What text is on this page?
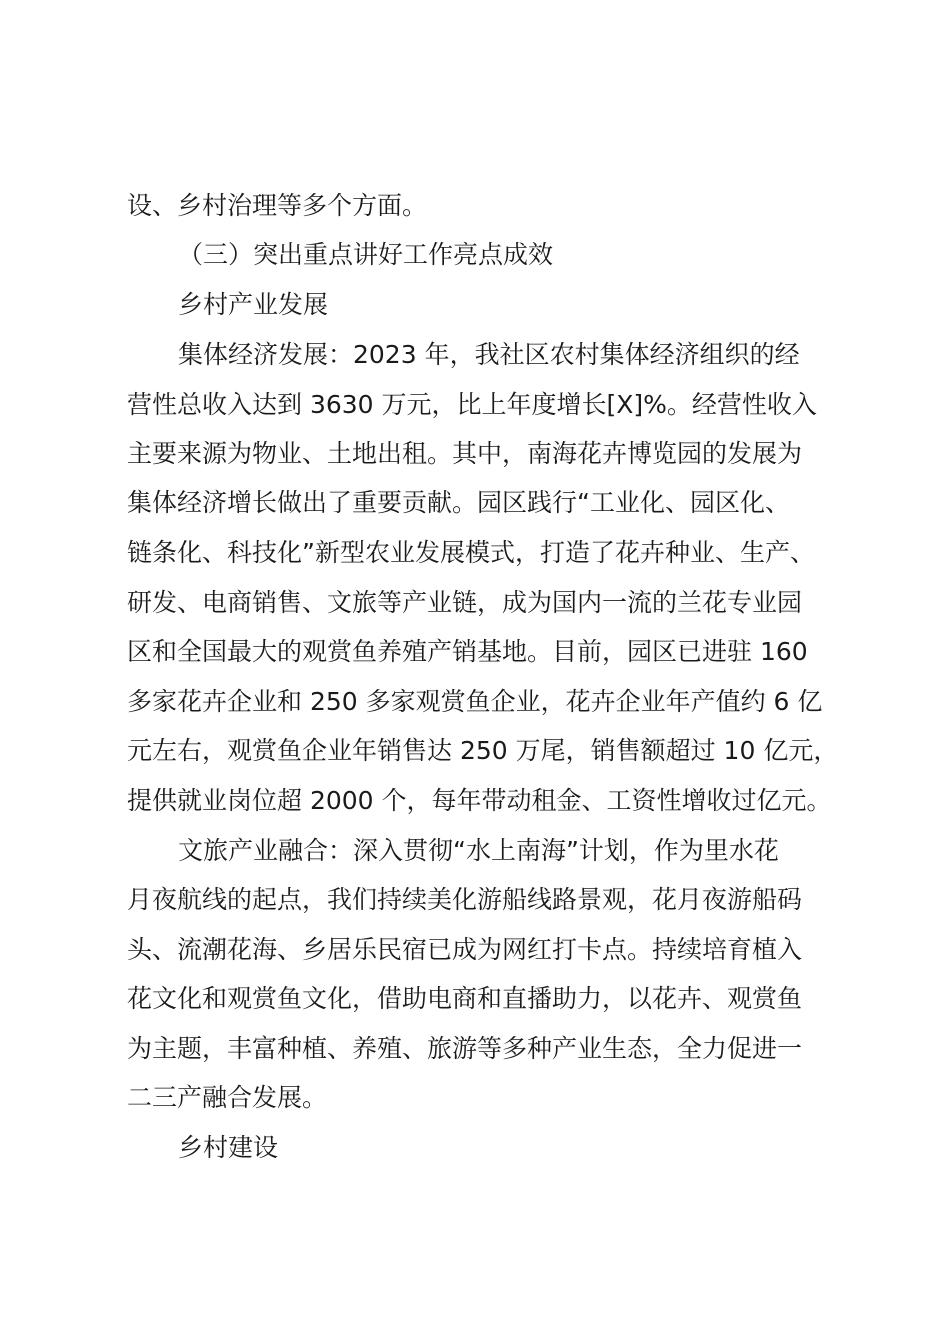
设、乡村治理等多个方面。
（三）突出重点讲好工作亮点成效
乡村产业发展
集体经济发展：2023 年，我社区农村集体经济组织的经
营性总收入达到 3630 万元，比上年度增长[X]%。经营性收入
主要来源为物业、土地出租。其中，南海花卉博览园的发展为
集体经济增长做出了重要贡献。园区践行“工业化、园区化、
链条化、科技化”新型农业发展模式，打造了花卉种业、生产、
研发、电商销售、文旅等产业链，成为国内一流的兰花专业园
区和全国最大的观赏鱼养殖产销基地。目前，园区已进驻 160
多家花卉企业和 250 多家观赏鱼企业，花卉企业年产值约 6 亿
元左右，观赏鱼企业年销售达 250 万尾，销售额超过 10 亿元，
提供就业岗位超 2000 个，每年带动租金、工资性增收过亿元。
文旅产业融合：深入贯彻“水上南海”计划，作为里水花
月夜航线的起点，我们持续美化游船线路景观，花月夜游船码
头、流潮花海、乡居乐民宿已成为网红打卡点。持续培育植入
花文化和观赏鱼文化，借助电商和直播助力，以花卉、观赏鱼
为主题，丰富种植、养殖、旅游等多种产业生态，全力促进一
二三产融合发展。
乡村建设
